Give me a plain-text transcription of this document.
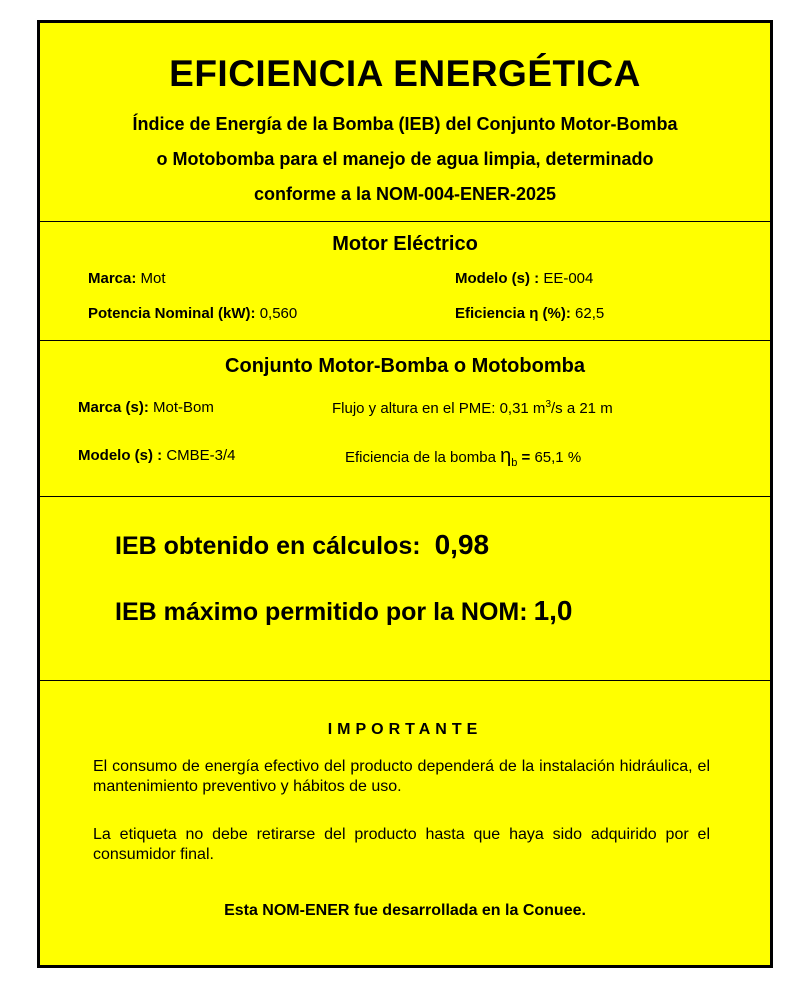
EFICIENCIA ENERGÉTICA
Índice de Energía de la Bomba (IEB) del Conjunto Motor-Bomba
o Motobomba para el manejo de agua limpia, determinado
conforme a la NOM-004-ENER-2025
Motor Eléctrico
Marca: Mot	Modelo (s) : EE-004
Potencia Nominal (kW): 0,560	Eficiencia η (%): 62,5
Conjunto Motor-Bomba o Motobomba
Marca (s): Mot-Bom	Flujo y altura en el PME: 0,31 $m^3/s$ a 21 m
Modelo (s) : CMBE-3/4	Eficiencia de la bomba $\eta_b = 65,1$ %
IEB obtenido en cálculos: 0,98
IEB máximo permitido por la NOM: 1,0
IMPORTANTE
El consumo de energía efectivo del producto dependerá de la instalación hidráulica, el mantenimiento preventivo y hábitos de uso.
La etiqueta no debe retirarse del producto hasta que haya sido adquirido por el consumidor final.
Esta NOM-ENER fue desarrollada en la Conuee.
